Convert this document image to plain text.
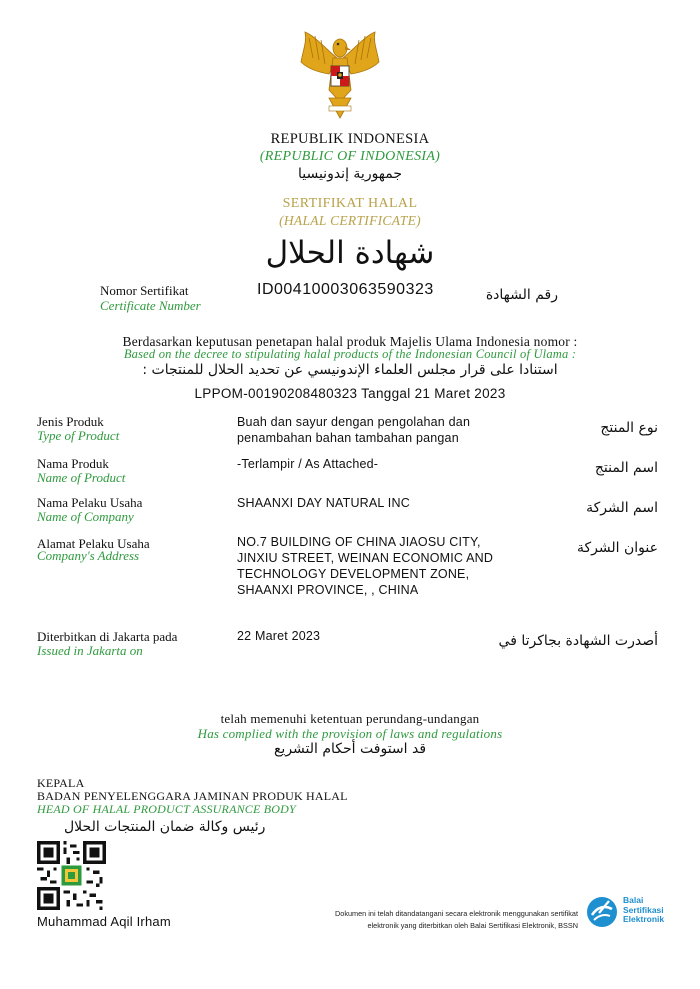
REPUBLIK INDONESIA
(REPUBLIC OF INDONESIA)
جمهورية إندونيسيا
SERTIFIKAT HALAL
(HALAL CERTIFICATE)
شهادة الحلال
Nomor Sertifikat
Certificate Number
ID00410003063590323	رقم الشهادة
Berdasarkan keputusan penetapan halal produk Majelis Ulama Indonesia nomor :
Based on the decree to stipulating halal products of the Indonesian Council of Ulama :
استنادا على قرار مجلس العلماء الإندونيسي عن تحديد الحلال للمنتجات :
LPPOM-00190208480323 Tanggal 21 Maret 2023
Jenis Produk
Type of Product
Buah dan sayur dengan pengolahan dan
penambahan bahan tambahan pangan
نوع المنتج
Nama Produk
Name of Product
-Terlampir / As Attached-	اسم المنتج
Nama Pelaku Usaha
Name of Company
SHAANXI DAY NATURAL INC	اسم الشركة
Alamat Pelaku Usaha
Company's Address
NO.7 BUILDING OF CHINA JIAOSU CITY,
JINXIU STREET, WEINAN ECONOMIC AND
TECHNOLOGY DEVELOPMENT ZONE,
SHAANXI PROVINCE, , CHINA
عنوان الشركة
Diterbitkan di Jakarta pada
Issued in Jakarta on
22 Maret 2023	أصدرت الشهادة بجاكرتا في
telah memenuhi ketentuan perundang-undangan
Has complied with the provision of laws and regulations
قد استوفت أحكام التشريع
KEPALA
BADAN PENYELENGGARA JAMINAN PRODUK HALAL
HEAD OF HALAL PRODUCT ASSURANCE BODY
رئيس وكالة ضمان المنتجات الحلال
Muhammad Aqil Irham
Dokumen ini telah ditandatangani secara elektronik menggunakan sertifikat
elektronik yang diterbitkan oleh Balai Sertifikasi Elektronik, BSSN
Balai
Sertifikasi
Elektronik
